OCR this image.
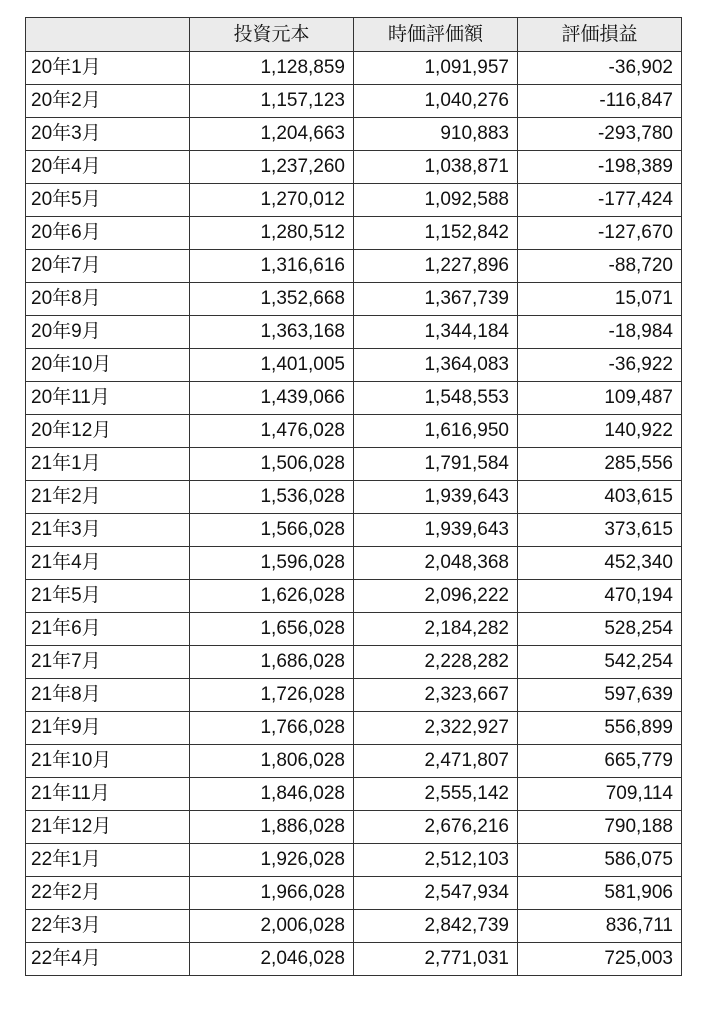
	投資元本	時価評価額	評価損益
20年1月	1,128,859	1,091,957	-36,902
20年2月	1,157,123	1,040,276	-116,847
20年3月	1,204,663	910,883	-293,780
20年4月	1,237,260	1,038,871	-198,389
20年5月	1,270,012	1,092,588	-177,424
20年6月	1,280,512	1,152,842	-127,670
20年7月	1,316,616	1,227,896	-88,720
20年8月	1,352,668	1,367,739	15,071
20年9月	1,363,168	1,344,184	-18,984
20年10月	1,401,005	1,364,083	-36,922
20年11月	1,439,066	1,548,553	109,487
20年12月	1,476,028	1,616,950	140,922
21年1月	1,506,028	1,791,584	285,556
21年2月	1,536,028	1,939,643	403,615
21年3月	1,566,028	1,939,643	373,615
21年4月	1,596,028	2,048,368	452,340
21年5月	1,626,028	2,096,222	470,194
21年6月	1,656,028	2,184,282	528,254
21年7月	1,686,028	2,228,282	542,254
21年8月	1,726,028	2,323,667	597,639
21年9月	1,766,028	2,322,927	556,899
21年10月	1,806,028	2,471,807	665,779
21年11月	1,846,028	2,555,142	709,114
21年12月	1,886,028	2,676,216	790,188
22年1月	1,926,028	2,512,103	586,075
22年2月	1,966,028	2,547,934	581,906
22年3月	2,006,028	2,842,739	836,711
22年4月	2,046,028	2,771,031	725,003
